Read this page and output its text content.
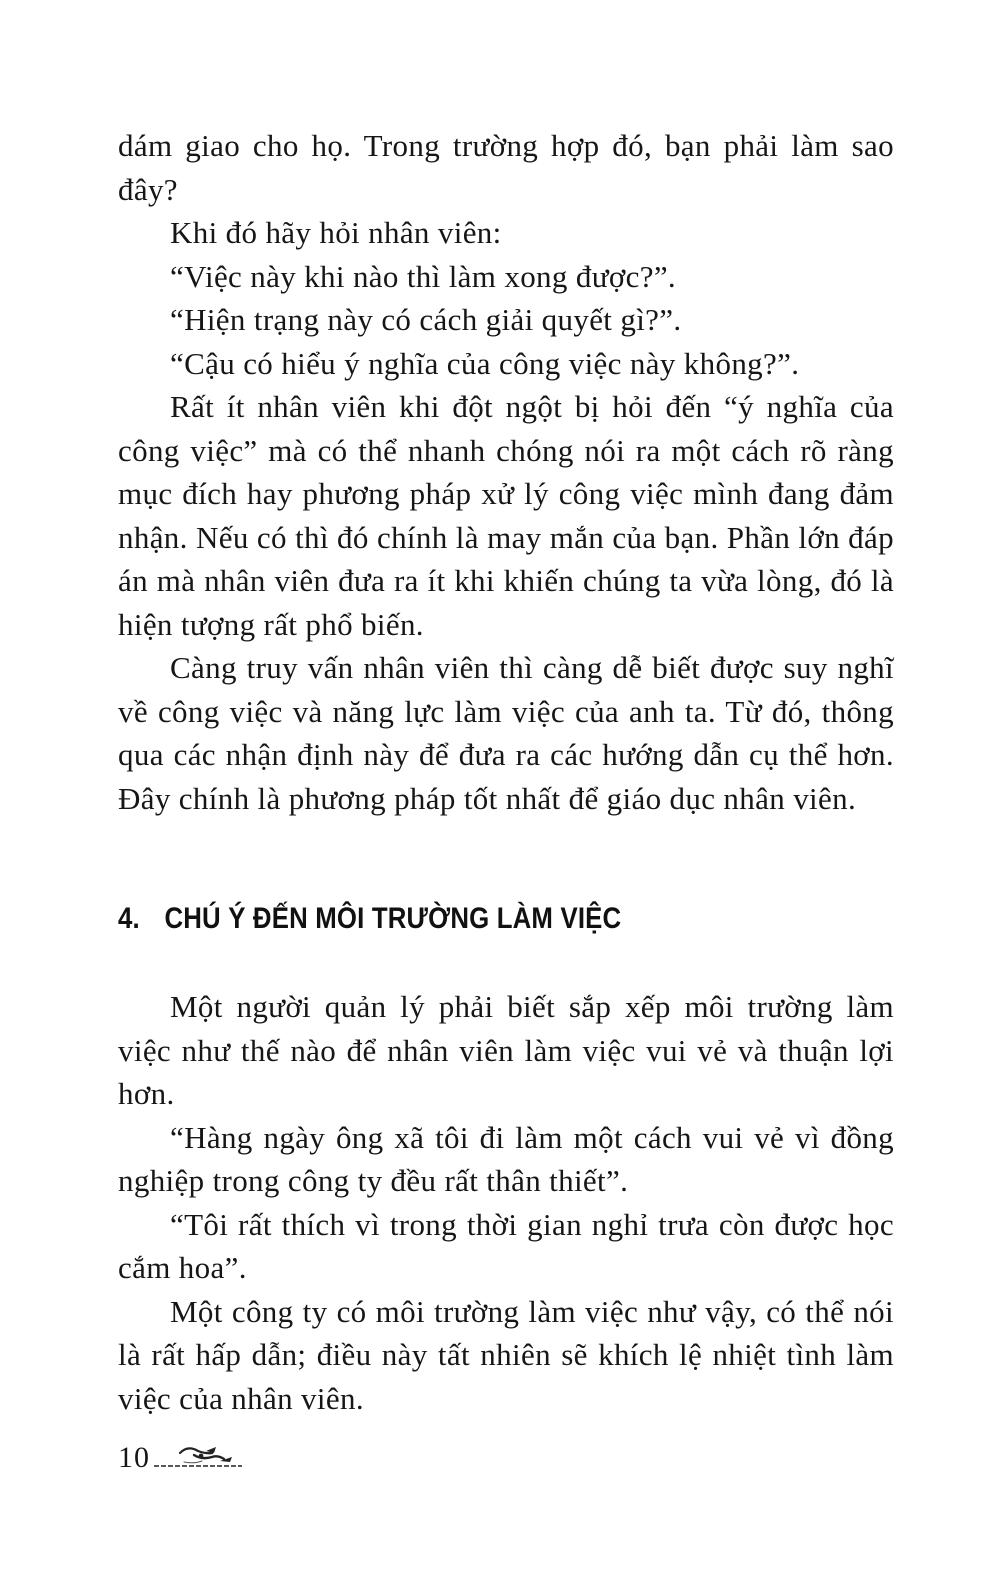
dám giao cho họ. Trong trường hợp đó, bạn phải làm sao đây?

Khi đó hãy hỏi nhân viên:

“Việc này khi nào thì làm xong được?”.

“Hiện trạng này có cách giải quyết gì?”.

“Cậu có hiểu ý nghĩa của công việc này không?”.

Rất ít nhân viên khi đột ngột bị hỏi đến “ý nghĩa của công việc” mà có thể nhanh chóng nói ra một cách rõ ràng mục đích hay phương pháp xử lý công việc mình đang đảm nhận. Nếu có thì đó chính là may mắn của bạn. Phần lớn đáp án mà nhân viên đưa ra ít khi khiến chúng ta vừa lòng, đó là hiện tượng rất phổ biến.

Càng truy vấn nhân viên thì càng dễ biết được suy nghĩ về công việc và năng lực làm việc của anh ta. Từ đó, thông qua các nhận định này để đưa ra các hướng dẫn cụ thể hơn. Đây chính là phương pháp tốt nhất để giáo dục nhân viên.

4. CHÚ Ý ĐẾN MÔI TRƯỜNG LÀM VIỆC

Một người quản lý phải biết sắp xếp môi trường làm việc như thế nào để nhân viên làm việc vui vẻ và thuận lợi hơn.

“Hàng ngày ông xã tôi đi làm một cách vui vẻ vì đồng nghiệp trong công ty đều rất thân thiết”.

“Tôi rất thích vì trong thời gian nghỉ trưa còn được học cắm hoa”.

Một công ty có môi trường làm việc như vậy, có thể nói là rất hấp dẫn; điều này tất nhiên sẽ khích lệ nhiệt tình làm việc của nhân viên.

10
